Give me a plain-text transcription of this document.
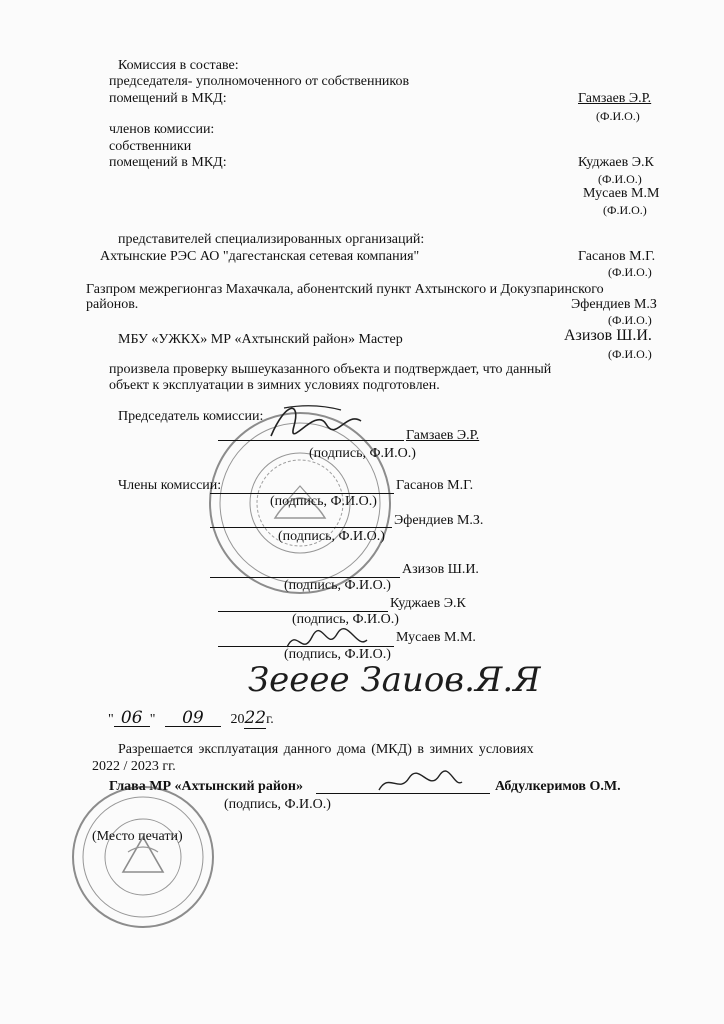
Комиссия в составе:
председателя- уполномоченного от собственников
помещений в МКД:	Гамзаев Э.Р.
(Ф.И.О.)
членов комиссии:
собственники
помещений в МКД:	Куджаев Э.К
(Ф.И.О.)
Мусаев М.М
(Ф.И.О.)
представителей специализированных организаций:
Ахтынские РЭС АО "дагестанская сетевая компания"	Гасанов М.Г.
(Ф.И.О.)
Газпром межрегионгаз Махачкала, абонентский пункт Ахтынского и Докузпаринского
районов.	Эфендиев М.З
(Ф.И.О.)
МБУ «УЖКХ» МР «Ахтынский район» Мастер	Азизов Ш.И.
(Ф.И.О.)
произвела проверку вышеуказанного объекта и подтверждает, что данный
объект к эксплуатации в зимних условиях подготовлен.
Председатель комиссии:
Гамзаев Э.Р.
(подпись, Ф.И.О.)
Члены комиссии:	Гасанов М.Г.
(подпись, Ф.И.О.)
Эфендиев М.З.
(подпись, Ф.И.О.)
Азизов Ш.И.
(подпись, Ф.И.О.)
Куджаев Э.К
(подпись, Ф.И.О.)
Мусаев М.М.
(подпись, Ф.И.О.)
Зееее Заиов.Я.Я
" 06 " 09 2022г.
Разрешается эксплуатация данного дома (МКД) в зимних условиях
2022 / 2023 гг.
Глава МР «Ахтынский район»	Абдулкеримов О.М.
(подпись, Ф.И.О.)
(Место печати)
